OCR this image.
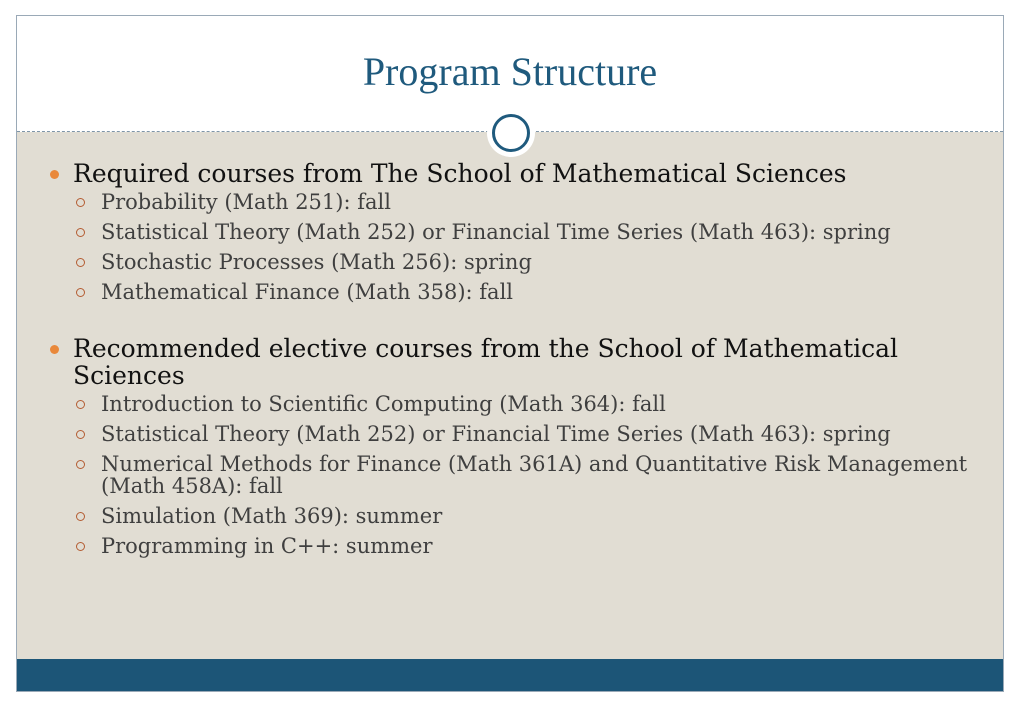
Program Structure
Required courses from The School of Mathematical Sciences
Probability (Math 251): fall
Statistical Theory (Math 252) or Financial Time Series (Math 463): spring
Stochastic Processes (Math 256): spring
Mathematical Finance (Math 358): fall
Recommended elective courses from the School of Mathematical Sciences
Introduction to Scientific Computing (Math 364): fall
Statistical Theory (Math 252) or Financial Time Series (Math 463): spring
Numerical Methods for Finance (Math 361A) and Quantitative Risk Management (Math 458A): fall
Simulation (Math 369): summer
Programming in C++: summer
